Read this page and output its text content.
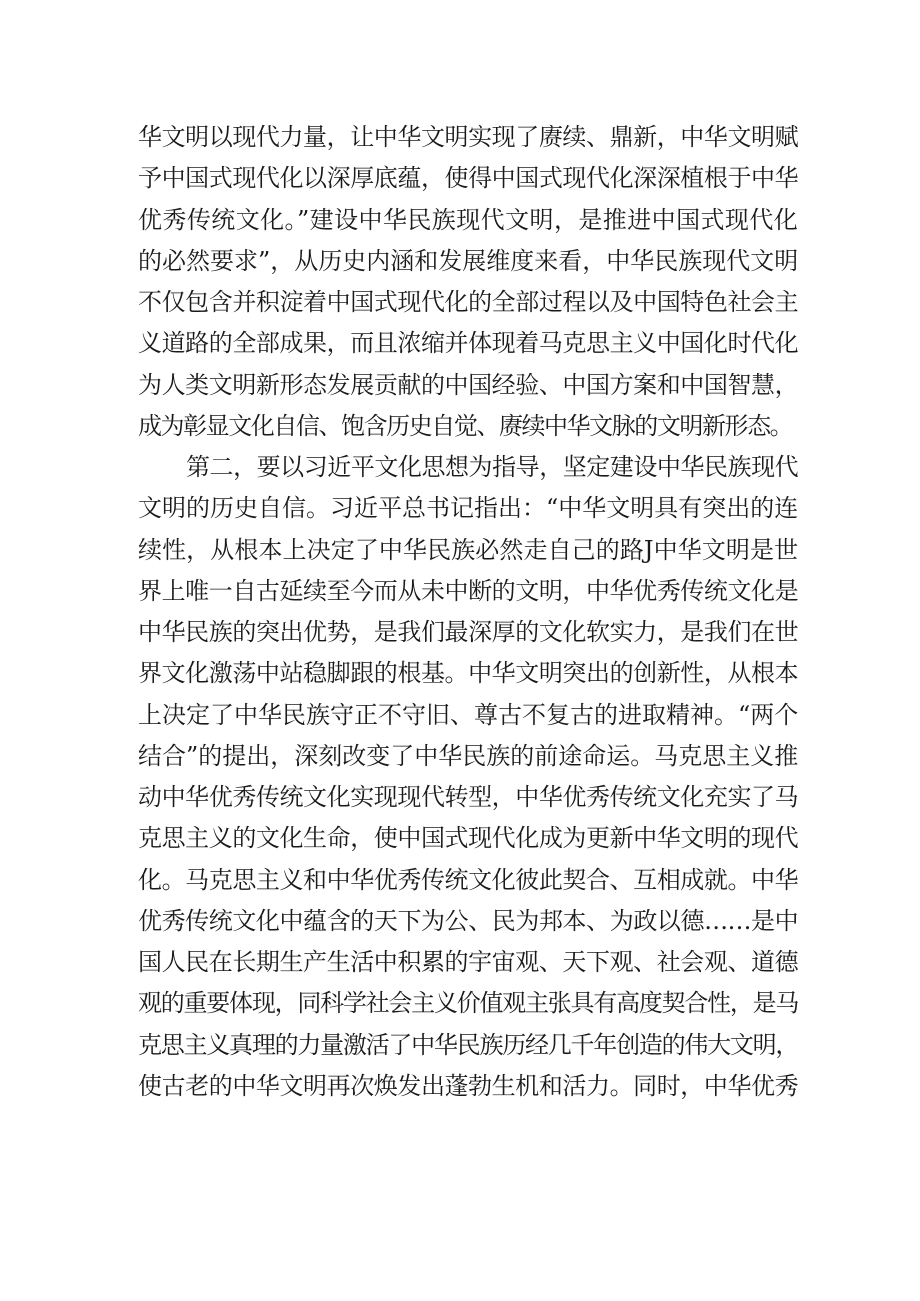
华文明以现代力量，让中华文明实现了赓续、鼎新，中华文明赋
予中国式现代化以深厚底蕴，使得中国式现代化深深植根于中华
优秀传统文化。”建设中华民族现代文明，是推进中国式现代化
的必然要求”，从历史内涵和发展维度来看，中华民族现代文明
不仅包含并积淀着中国式现代化的全部过程以及中国特色社会主
义道路的全部成果，而且浓缩并体现着马克思主义中国化时代化
为人类文明新形态发展贡献的中国经验、中国方案和中国智慧，
成为彰显文化自信、饱含历史自觉、赓续中华文脉的文明新形态。
第二，要以习近平文化思想为指导，坚定建设中华民族现代
文明的历史自信。习近平总书记指出：“中华文明具有突出的连
续性，从根本上决定了中华民族必然走自己的路J中华文明是世
界上唯一自古延续至今而从未中断的文明，中华优秀传统文化是
中华民族的突出优势，是我们最深厚的文化软实力，是我们在世
界文化激荡中站稳脚跟的根基。中华文明突出的创新性，从根本
上决定了中华民族守正不守旧、尊古不复古的进取精神。“两个
结合”的提出，深刻改变了中华民族的前途命运。马克思主义推
动中华优秀传统文化实现现代转型，中华优秀传统文化充实了马
克思主义的文化生命，使中国式现代化成为更新中华文明的现代
化。马克思主义和中华优秀传统文化彼此契合、互相成就。中华
优秀传统文化中蕴含的天下为公、民为邦本、为政以德……是中
国人民在长期生产生活中积累的宇宙观、天下观、社会观、道德
观的重要体现，同科学社会主义价值观主张具有高度契合性，是马
克思主义真理的力量激活了中华民族历经几千年创造的伟大文明，
使古老的中华文明再次焕发出蓬勃生机和活力。同时，中华优秀
